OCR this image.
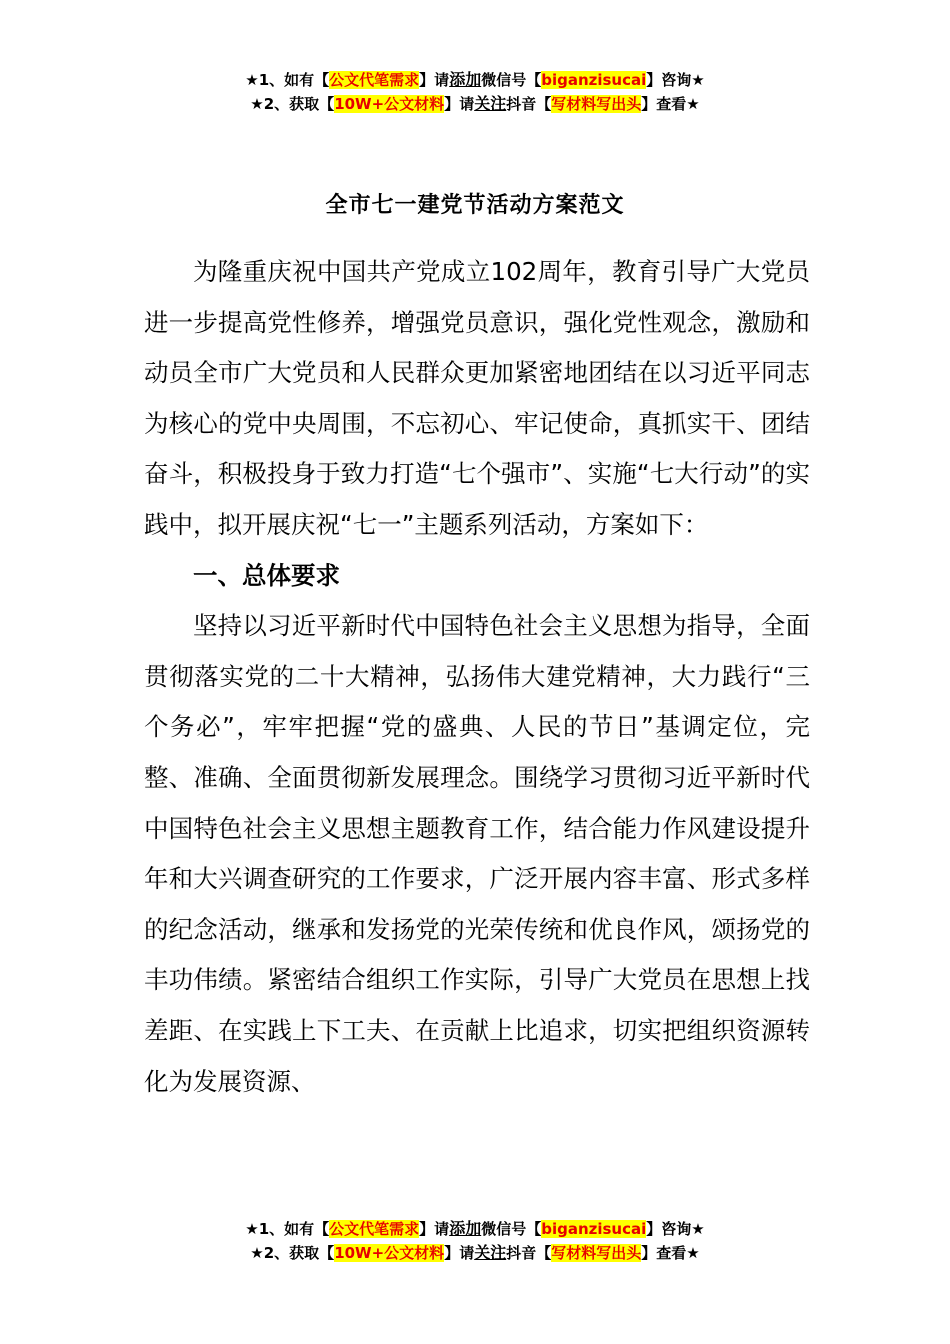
★1、如有【公文代笔需求】请添加微信号【biganzisucai】咨询★
★2、获取【10W+公文材料】请关注抖音【写材料写出头】查看★
全市七一建党节活动方案范文

为隆重庆祝中国共产党成立102周年，教育引导广大党员进一步提高党性修养，增强党员意识，强化党性观念，激励和动员全市广大党员和人民群众更加紧密地团结在以习近平同志为核心的党中央周围，不忘初心、牢记使命，真抓实干、团结奋斗，积极投身于致力打造“七个强市”、实施“七大行动”的实践中，拟开展庆祝“七一”主题系列活动，方案如下：

一、总体要求

坚持以习近平新时代中国特色社会主义思想为指导，全面贯彻落实党的二十大精神，弘扬伟大建党精神，大力践行“三个务必”，牢牢把握“党的盛典、人民的节日”基调定位，完整、准确、全面贯彻新发展理念。围绕学习贯彻习近平新时代中国特色社会主义思想主题教育工作，结合能力作风建设提升年和大兴调查研究的工作要求，广泛开展内容丰富、形式多样的纪念活动，继承和发扬党的光荣传统和优良作风，颂扬党的丰功伟绩。紧密结合组织工作实际，引导广大党员在思想上找差距、在实践上下工夫、在贡献上比追求，切实把组织资源转化为发展资源、

★1、如有【公文代笔需求】请添加微信号【biganzisucai】咨询★
★2、获取【10W+公文材料】请关注抖音【写材料写出头】查看★
